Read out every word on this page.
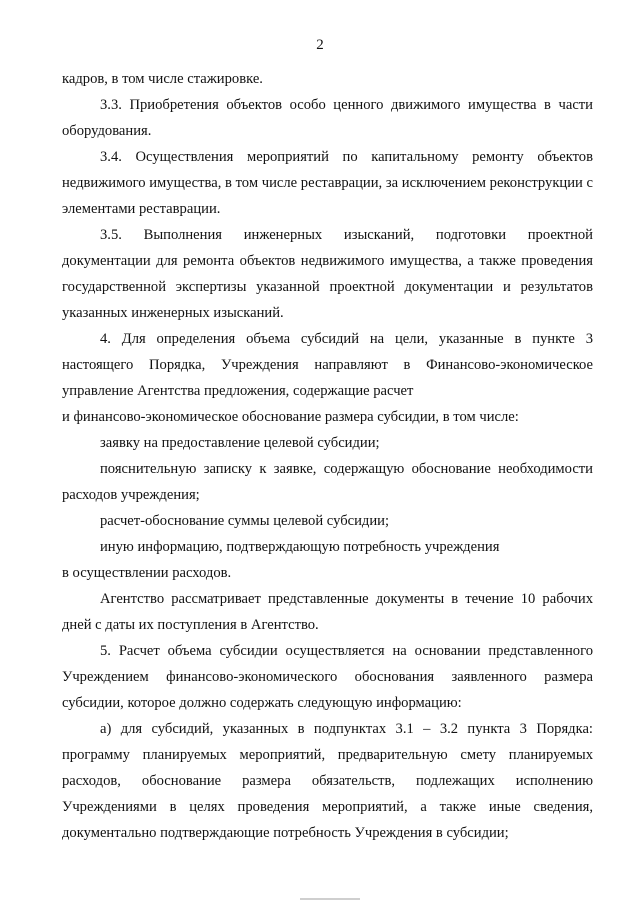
2

кадров, в том числе стажировке.

3.3. Приобретения объектов особо ценного движимого имущества в части оборудования.

3.4. Осуществления мероприятий по капитальному ремонту объектов недвижимого имущества, в том числе реставрации, за исключением реконструкции с элементами реставрации.

3.5. Выполнения инженерных изысканий, подготовки проектной документации для ремонта объектов недвижимого имущества, а также проведения государственной экспертизы указанной проектной документации и результатов указанных инженерных изысканий.

4. Для определения объема субсидий на цели, указанные в пункте 3 настоящего Порядка, Учреждения направляют в Финансово-экономическое управление Агентства предложения, содержащие расчет
и финансово-экономическое обоснование размера субсидии, в том числе:

заявку на предоставление целевой субсидии;

пояснительную записку к заявке, содержащую обоснование необходимости расходов учреждения;

расчет-обоснование суммы целевой субсидии;

иную информацию, подтверждающую потребность учреждения
в осуществлении расходов.

Агентство рассматривает представленные документы в течение 10 рабочих дней с даты их поступления в Агентство.

5. Расчет объема субсидии осуществляется на основании представленного Учреждением финансово-экономического обоснования заявленного размера субсидии, которое должно содержать следующую информацию:

а) для субсидий, указанных в подпунктах 3.1 – 3.2 пункта 3 Порядка: программу планируемых мероприятий, предварительную смету планируемых расходов, обоснование размера обязательств, подлежащих исполнению Учреждениями в целях проведения мероприятий, а также иные сведения, документально подтверждающие потребность Учреждения в субсидии;
